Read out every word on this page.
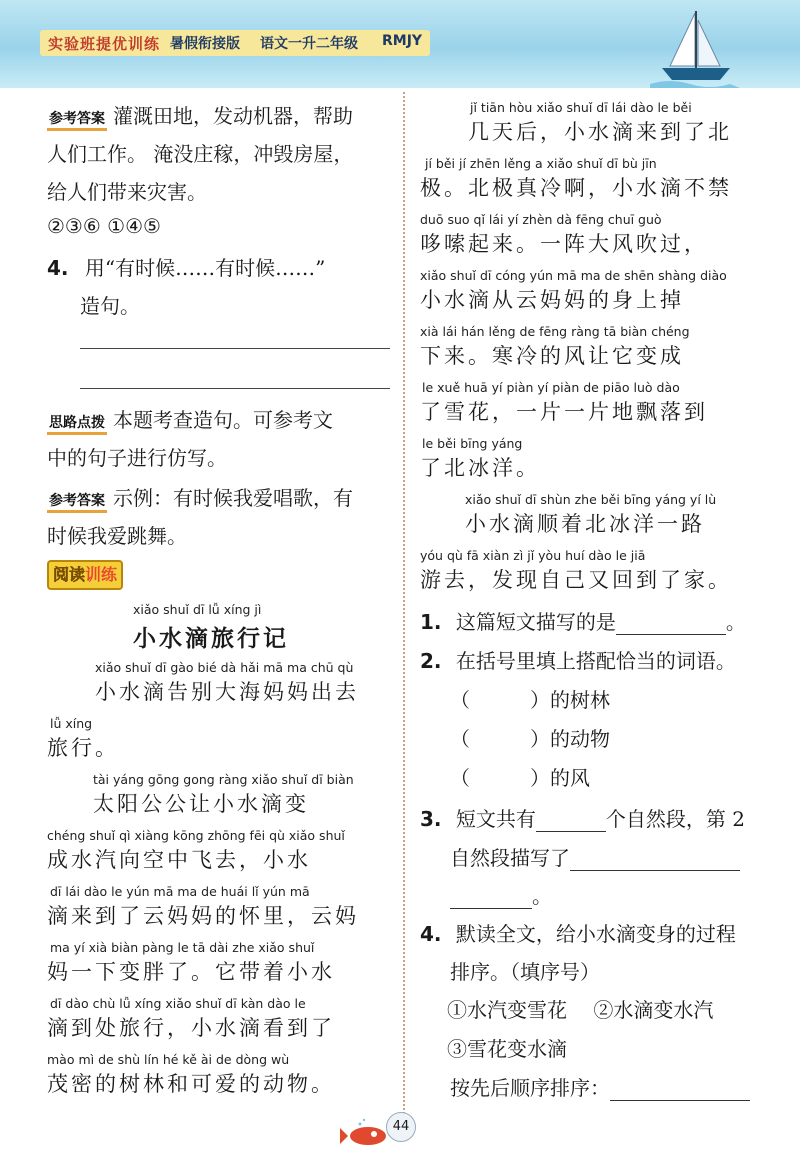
实验班提优训练 暑假衔接版 语文一升二年级 RMJY
参考答案 灌溉田地，发动机器，帮助
人们工作。 淹没庄稼，冲毁房屋，
给人们带来灾害。
②③⑥ ①④⑤
4. 用“有时候……有时候……”
造句。
思路点拨 本题考查造句。可参考文
中的句子进行仿写。
参考答案 示例：有时候我爱唱歌，有
时候我爱跳舞。
阅读训练
xiǎo shuǐ dī lǚ xíng jì
小水滴旅行记
xiǎo shuǐ dī gào bié dà hǎi mā ma chū qù
小水滴告别大海妈妈出去
lǚ xíng
旅行。
tài yáng gōng gong ràng xiǎo shuǐ dī biàn
太阳公公让小水滴变
chéng shuǐ qì xiàng kōng zhōng fēi qù xiǎo shuǐ
成水汽向空中飞去，小水
dī lái dào le yún mā ma de huái lǐ yún mā
滴来到了云妈妈的怀里，云妈
ma yí xià biàn pàng le tā dài zhe xiǎo shuǐ
妈一下变胖了。它带着小水
dī dào chù lǚ xíng xiǎo shuǐ dī kàn dào le
滴到处旅行，小水滴看到了
mào mì de shù lín hé kě ài de dòng wù
茂密的树林和可爱的动物。
jǐ tiān hòu xiǎo shuǐ dī lái dào le běi
几天后，小水滴来到了北
jí běi jí zhēn lěng a xiǎo shuǐ dī bù jīn
极。北极真冷啊，小水滴不禁
duō suo qǐ lái yí zhèn dà fēng chuī guò
哆嗦起来。一阵大风吹过，
xiǎo shuǐ dī cóng yún mā ma de shēn shàng diào
小水滴从云妈妈的身上掉
xià lái hán lěng de fēng ràng tā biàn chéng
下来。寒冷的风让它变成
le xuě huā yí piàn yí piàn de piāo luò dào
了雪花，一片一片地飘落到
le běi bīng yáng
了北冰洋。
xiǎo shuǐ dī shùn zhe běi bīng yáng yí lù
小水滴顺着北冰洋一路
yóu qù fā xiàn zì jǐ yòu huí dào le jiā
游去，发现自己又回到了家。
1. 这篇短文描写的是	。
2. 在括号里填上搭配恰当的词语。
（	）的树林
（	）的动物
（	）的风
3. 短文共有	个自然段，第 2
自然段描写了
。
4. 默读全文，给小水滴变身的过程
排序。（填序号）
①水汽变雪花 ②水滴变水汽
③雪花变水滴
按先后顺序排序：
44
